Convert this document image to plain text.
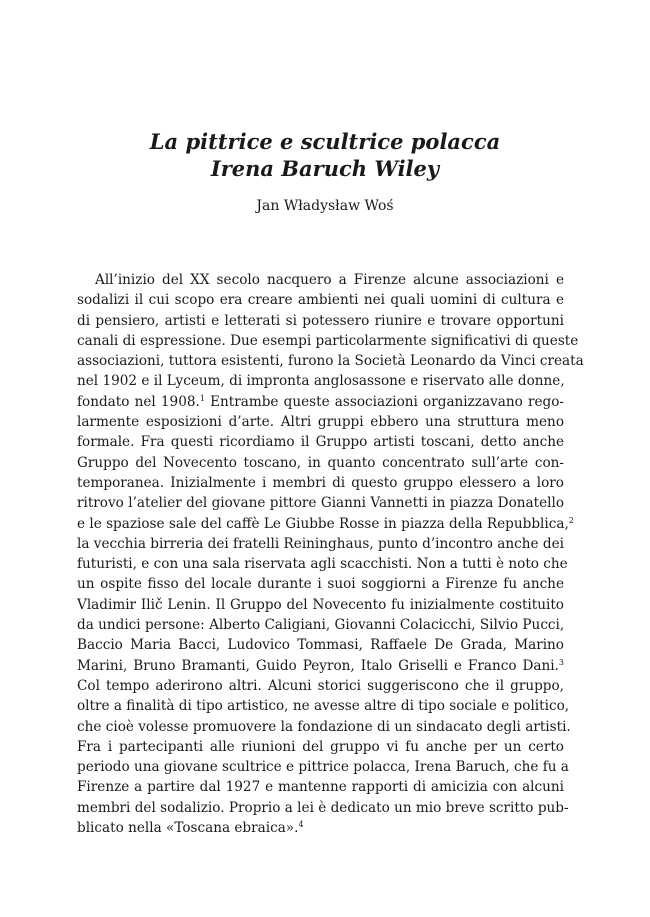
La pittrice e scultrice polacca
Irena Baruch Wiley
Jan Władysław Woś
All’inizio del XX secolo nacquero a Firenze alcune associazioni e
sodalizi il cui scopo era creare ambienti nei quali uomini di cultura e
di pensiero, artisti e letterati si potessero riunire e trovare opportuni
canali di espressione. Due esempi particolarmente significativi di queste
associazioni, tuttora esistenti, furono la Società Leonardo da Vinci creata
nel 1902 e il Lyceum, di impronta anglosassone e riservato alle donne,
fondato nel 1908.$^1$ Entrambe queste associazioni organizzavano rego-
larmente esposizioni d’arte. Altri gruppi ebbero una struttura meno
formale. Fra questi ricordiamo il Gruppo artisti toscani, detto anche
Gruppo del Novecento toscano, in quanto concentrato sull’arte con-
temporanea. Inizialmente i membri di questo gruppo elessero a loro
ritrovo l’atelier del giovane pittore Gianni Vannetti in piazza Donatello
e le spaziose sale del caffè Le Giubbe Rosse in piazza della Repubblica,$^2$
la vecchia birreria dei fratelli Reininghaus, punto d’incontro anche dei
futuristi, e con una sala riservata agli scacchisti. Non a tutti è noto che
un ospite fisso del locale durante i suoi soggiorni a Firenze fu anche
Vladimir Ilič Lenin. Il Gruppo del Novecento fu inizialmente costituito
da undici persone: Alberto Caligiani, Giovanni Colacicchi, Silvio Pucci,
Baccio Maria Bacci, Ludovico Tommasi, Raffaele De Grada, Marino
Marini, Bruno Bramanti, Guido Peyron, Italo Griselli e Franco Dani.$^3$
Col tempo aderirono altri. Alcuni storici suggeriscono che il gruppo,
oltre a finalità di tipo artistico, ne avesse altre di tipo sociale e politico,
che cioè volesse promuovere la fondazione di un sindacato degli artisti.
Fra i partecipanti alle riunioni del gruppo vi fu anche per un certo
periodo una giovane scultrice e pittrice polacca, Irena Baruch, che fu a
Firenze a partire dal 1927 e mantenne rapporti di amicizia con alcuni
membri del sodalizio. Proprio a lei è dedicato un mio breve scritto pub-
blicato nella «Toscana ebraica».$^4$
